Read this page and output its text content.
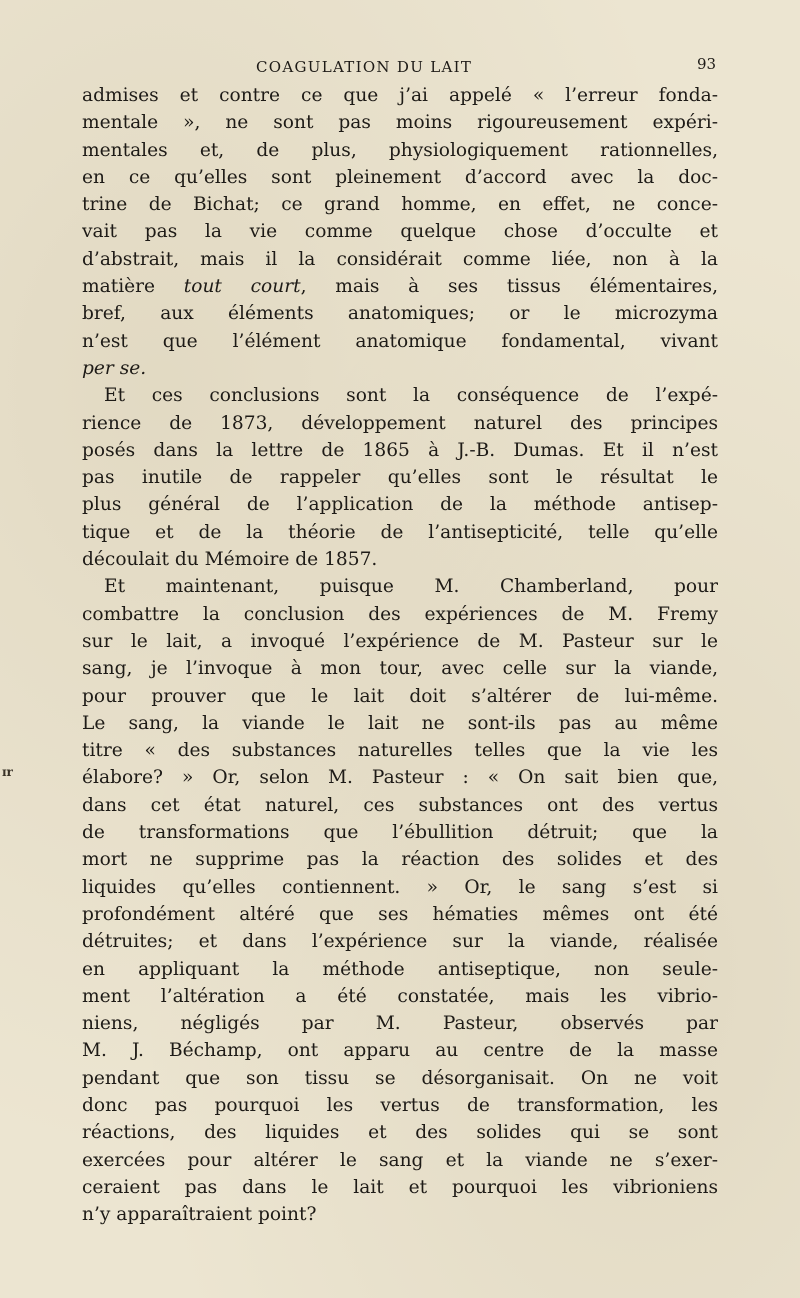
COAGULATION DU LAIT	93
ɪr
admises et contre ce que j’ai appelé « l’erreur fonda-
mentale », ne sont pas moins rigoureusement expéri-
mentales et, de plus, physiologiquement rationnelles,
en ce qu’elles sont pleinement d’accord avec la doc-
trine de Bichat; ce grand homme, en effet, ne conce-
vait pas la vie comme quelque chose d’occulte et
d’abstrait, mais il la considérait comme liée, non à la
matière tout court, mais à ses tissus élémentaires,
bref, aux éléments anatomiques; or le microzyma
n’est que l’élément anatomique fondamental, vivant
per se.
Et ces conclusions sont la conséquence de l’expé-
rience de 1873, développement naturel des principes
posés dans la lettre de 1865 à J.-B. Dumas. Et il n’est
pas inutile de rappeler qu’elles sont le résultat le
plus général de l’application de la méthode antisep-
tique et de la théorie de l’antisepticité, telle qu’elle
découlait du Mémoire de 1857.
Et maintenant, puisque M. Chamberland, pour
combattre la conclusion des expériences de M. Fremy
sur le lait, a invoqué l’expérience de M. Pasteur sur le
sang, je l’invoque à mon tour, avec celle sur la viande,
pour prouver que le lait doit s’altérer de lui-même.
Le sang, la viande le lait ne sont-ils pas au même
titre « des substances naturelles telles que la vie les
élabore? » Or, selon M. Pasteur : « On sait bien que,
dans cet état naturel, ces substances ont des vertus
de transformations que l’ébullition détruit; que la
mort ne supprime pas la réaction des solides et des
liquides qu’elles contiennent. » Or, le sang s’est si
profondément altéré que ses hématies mêmes ont été
détruites; et dans l’expérience sur la viande, réalisée
en appliquant la méthode antiseptique, non seule-
ment l’altération a été constatée, mais les vibrio-
niens, négligés par M. Pasteur, observés par
M. J. Béchamp, ont apparu au centre de la masse
pendant que son tissu se désorganisait. On ne voit
donc pas pourquoi les vertus de transformation, les
réactions, des liquides et des solides qui se sont
exercées pour altérer le sang et la viande ne s’exer-
ceraient pas dans le lait et pourquoi les vibrioniens
n’y apparaîtraient point?
